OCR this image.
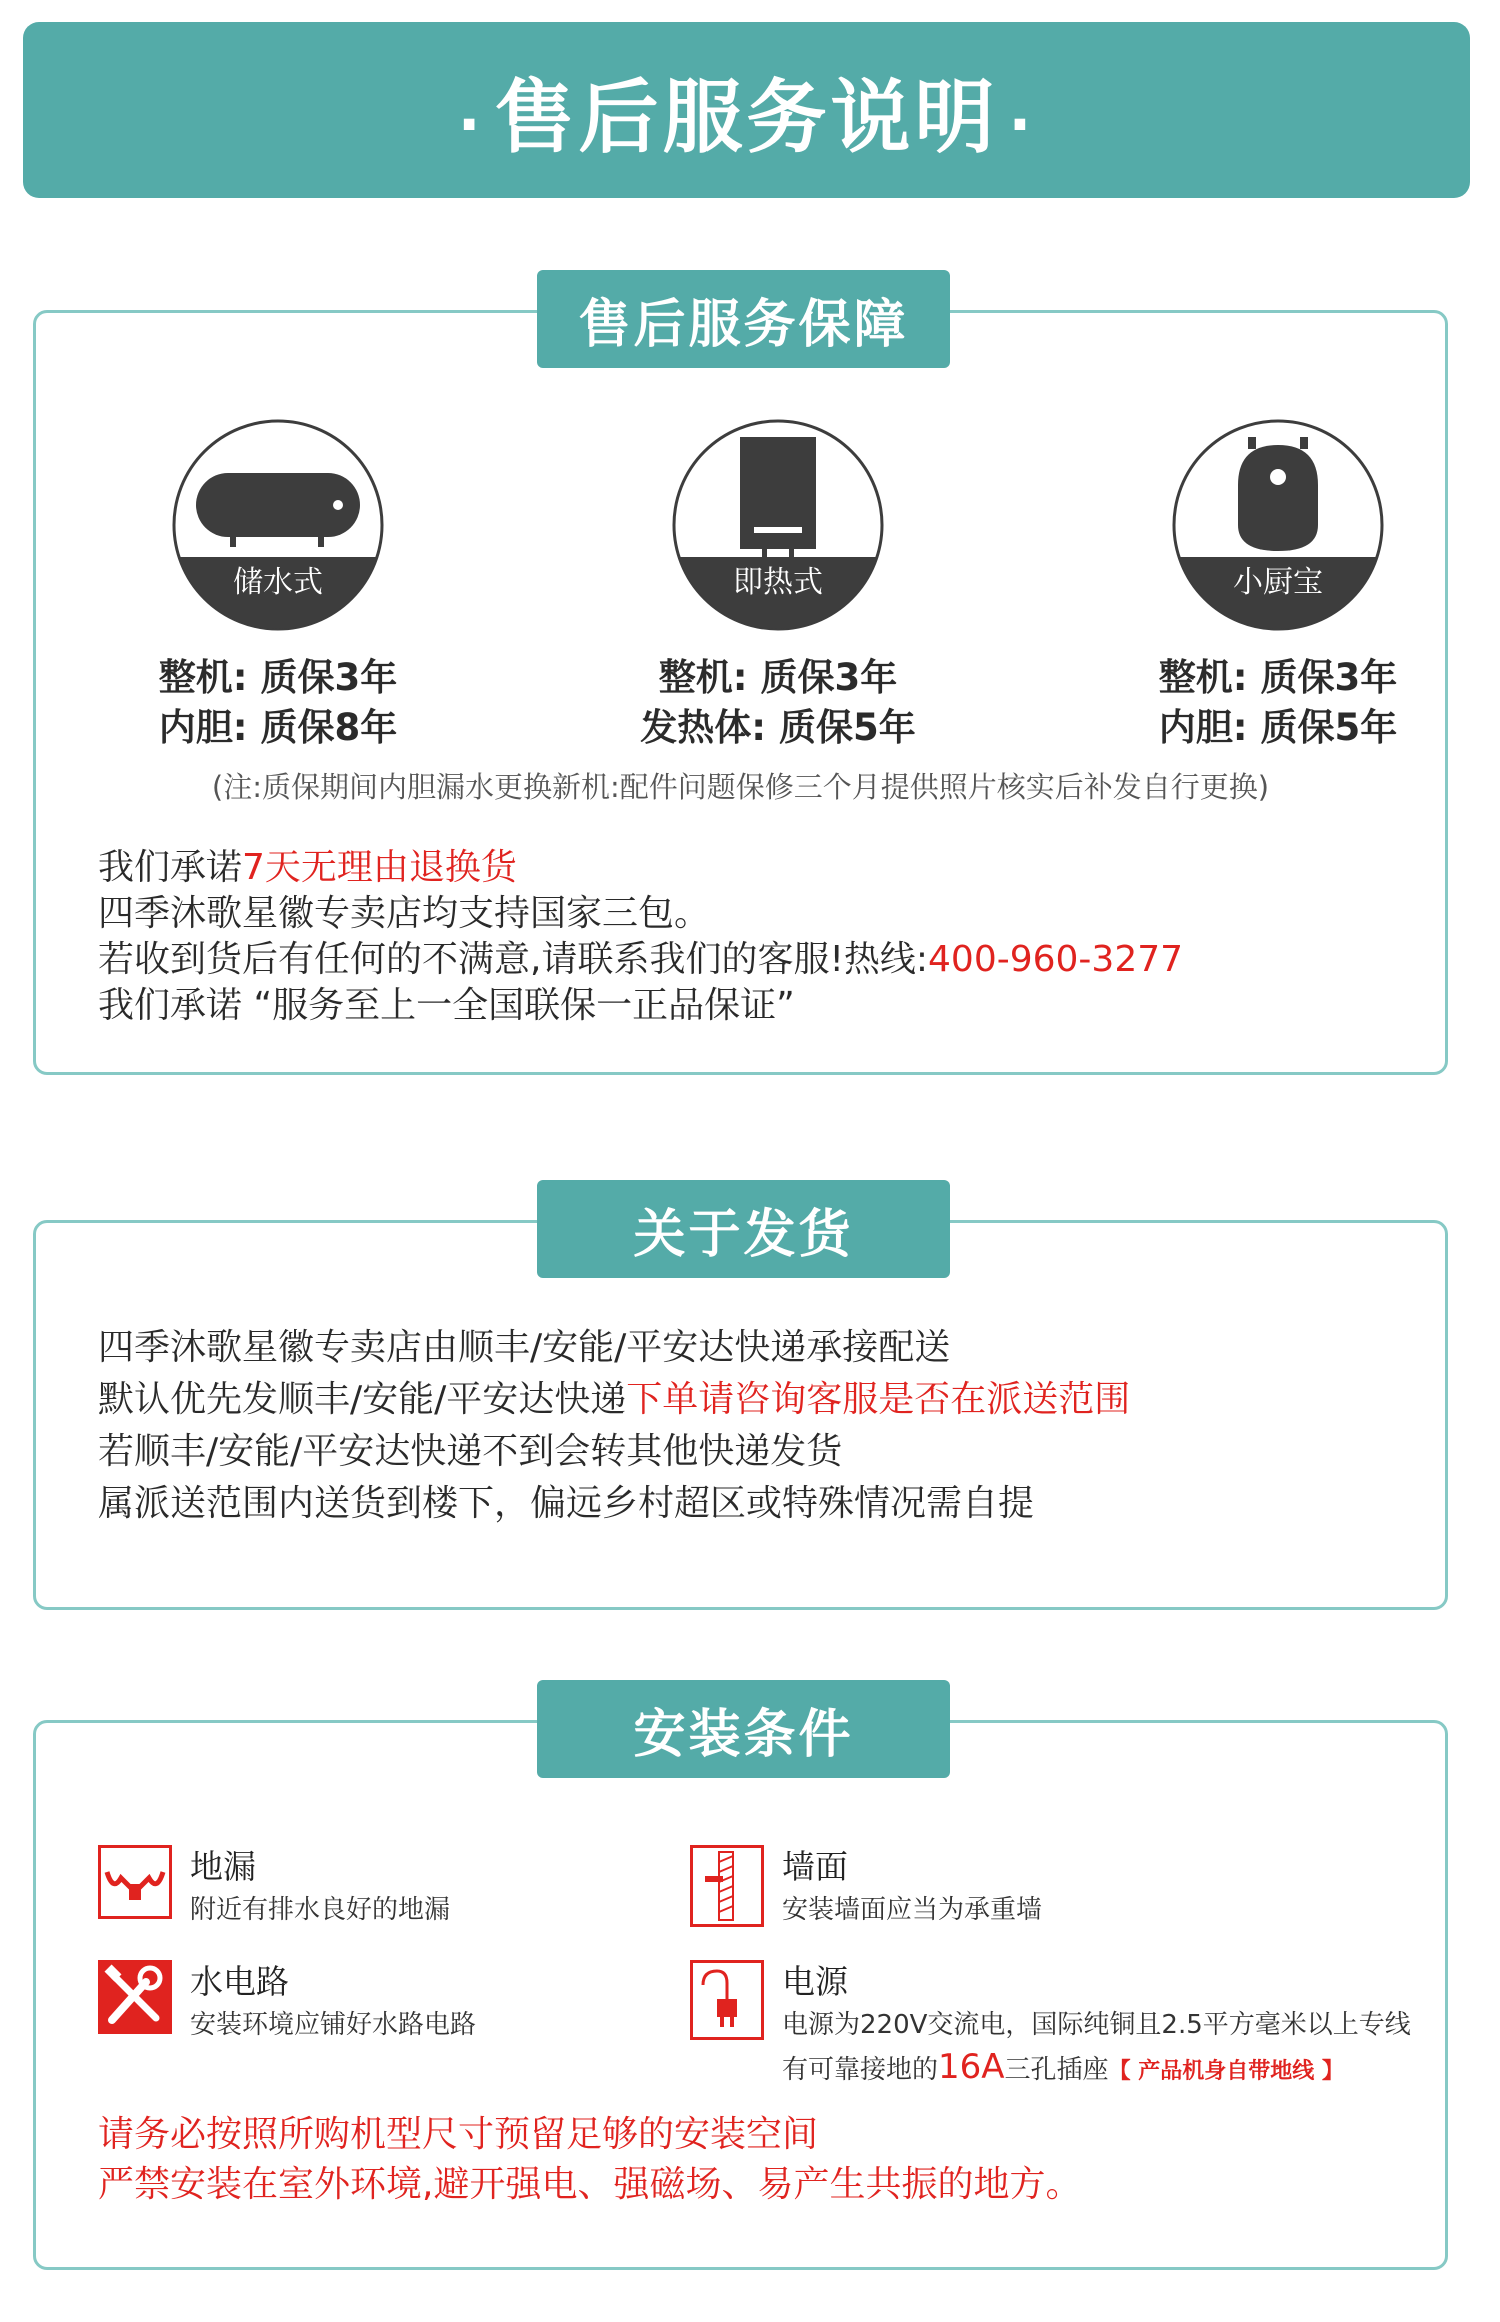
· 售后服务说明 ·
售后服务保障
储水式
整机: 质保3年
内胆: 质保8年
即热式
整机: 质保3年
发热体: 质保5年
小厨宝
整机: 质保3年
内胆: 质保5年
(注:质保期间内胆漏水更换新机:配件问题保修三个月提供照片核实后补发自行更换)
我们承诺7天无理由退换货
四季沐歌星徽专卖店均支持国家三包。
若收到货后有任何的不满意,请联系我们的客服!热线:400-960-3277
我们承诺 “服务至上一全国联保一正品保证”
关于发货
四季沐歌星徽专卖店由顺丰/安能/平安达快递承接配送
默认优先发顺丰/安能/平安达快递下单请咨询客服是否在派送范围
若顺丰/安能/平安达快递不到会转其他快递发货
属派送范围内送货到楼下，偏远乡村超区或特殊情况需自提
安装条件
地漏
附近有排水良好的地漏
墙面
安装墙面应当为承重墙
水电路
安装环境应铺好水路电路
电源
电源为220V交流电，国际纯铜且2.5平方毫米以上专线
有可靠接地的16A三孔插座【 产品机身自带地线 】
请务必按照所购机型尺寸预留足够的安装空间
严禁安装在室外环境,避开强电、强磁场、易产生共振的地方。
